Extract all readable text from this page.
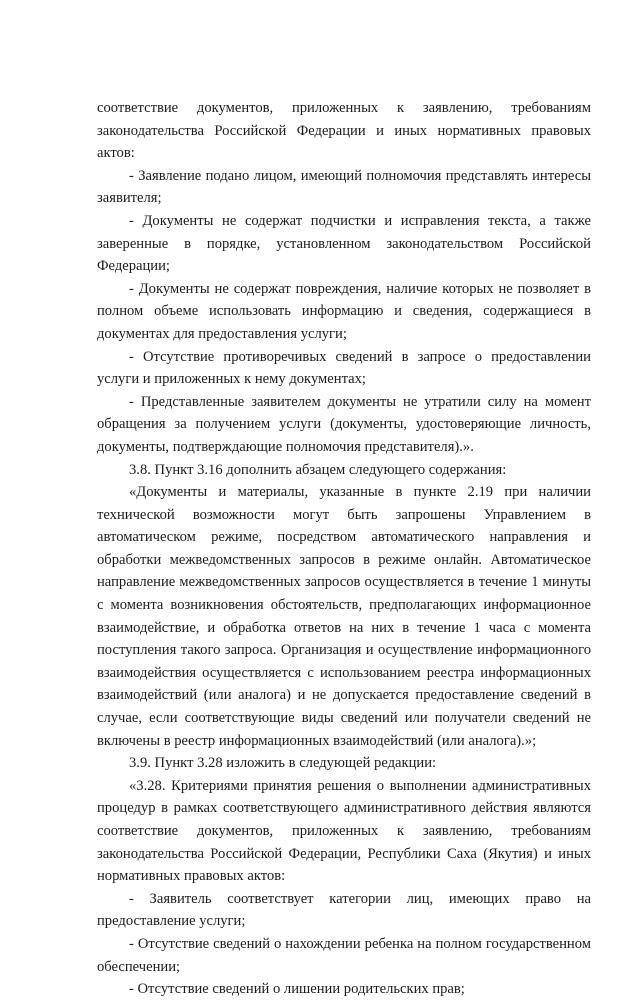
соответствие документов, приложенных к заявлению, требованиям законодательства Российской Федерации и иных нормативных правовых актов:

- Заявление подано лицом, имеющий полномочия представлять интересы заявителя;

- Документы не содержат подчистки и исправления текста, а также заверенные в порядке, установленном законодательством Российской Федерации;

- Документы не содержат повреждения, наличие которых не позволяет в полном объеме использовать информацию и сведения, содержащиеся в документах для предоставления услуги;

- Отсутствие противоречивых сведений в запросе о предоставлении услуги и приложенных к нему документах;

- Представленные заявителем документы не утратили силу на момент обращения за получением услуги (документы, удостоверяющие личность, документы, подтверждающие полномочия представителя).».

3.8. Пункт 3.16 дополнить абзацем следующего содержания:

«Документы и материалы, указанные в пункте 2.19 при наличии технической возможности могут быть запрошены Управлением в автоматическом режиме, посредством автоматического направления и обработки межведомственных запросов в режиме онлайн. Автоматическое направление межведомственных запросов осуществляется в течение 1 минуты с момента возникновения обстоятельств, предполагающих информационное взаимодействие, и обработка ответов на них в течение 1 часа с момента поступления такого запроса. Организация и осуществление информационного взаимодействия осуществляется с использованием реестра информационных взаимодействий (или аналога) и не допускается предоставление сведений в случае, если соответствующие виды сведений или получатели сведений не включены в реестр информационных взаимодействий (или аналога).»;

3.9. Пункт 3.28 изложить в следующей редакции:

«3.28. Критериями принятия решения о выполнении административных процедур в рамках соответствующего административного действия являются соответствие документов, приложенных к заявлению, требованиям законодательства Российской Федерации, Республики Саха (Якутия) и иных нормативных правовых актов:

- Заявитель соответствует категории лиц, имеющих право на предоставление услуги;

- Отсутствие сведений о нахождении ребенка на полном государственном обеспечении;

- Отсутствие сведений о лишении родительских прав;
